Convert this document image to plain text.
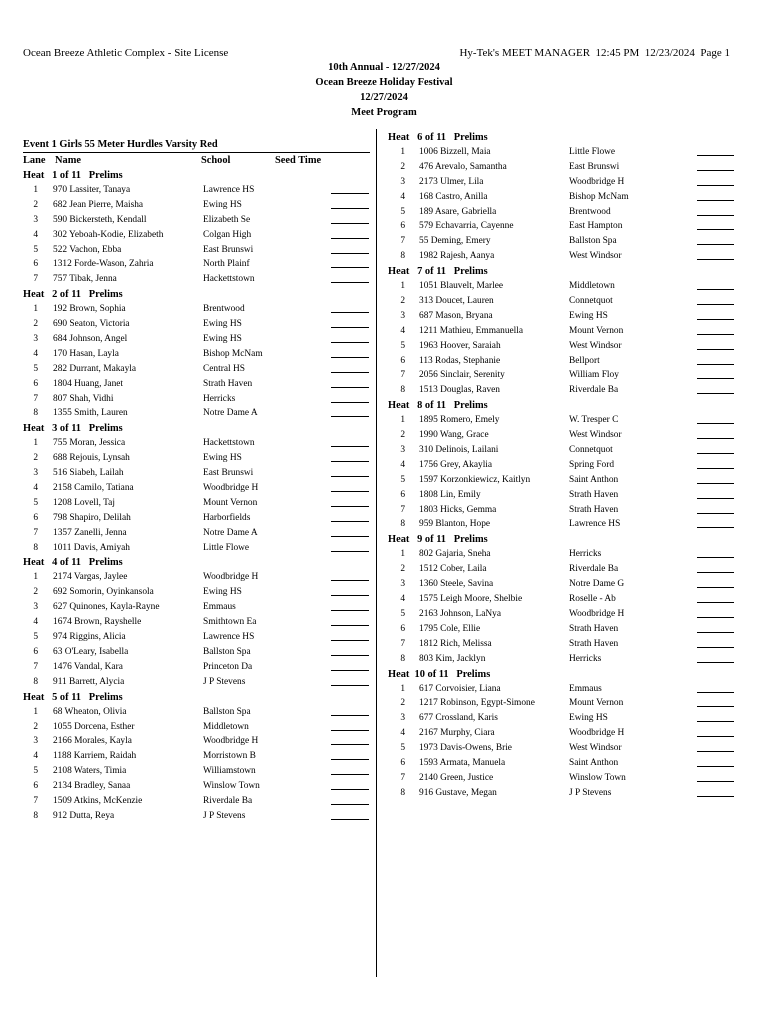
Ocean Breeze Athletic Complex - Site License	Hy-Tek's MEET MANAGER  12:45 PM  12/23/2024  Page 1
10th Annual - 12/27/2024
Ocean Breeze Holiday Festival
12/27/2024
Meet Program
Event 1 Girls 55 Meter Hurdles Varsity Red
Lane Name	School	Seed Time
Heat   1 of 11   Prelims
1 970 Lassiter, Tanaya	Lawrence HS
2 682 Jean Pierre, Maisha	Ewing HS
3 590 Bickersteth, Kendall	Elizabeth Se
4 302 Yeboah-Kodie, Elizabeth	Colgan High
5 522 Vachon, Ebba	East Brunswi
6 1312 Forde-Wason, Zahria	North Plainf
7 757 Tibak, Jenna	Hackettstown
Heat   2 of 11   Prelims
1 192 Brown, Sophia	Brentwood
2 690 Seaton, Victoria	Ewing HS
3 684 Johnson, Angel	Ewing HS
4 170 Hasan, Layla	Bishop McNam
5 282 Durrant, Makayla	Central HS
6 1804 Huang, Janet	Strath Haven
7 807 Shah, Vidhi	Herricks
8 1355 Smith, Lauren	Notre Dame A
Heat   3 of 11   Prelims
1 755 Moran, Jessica	Hackettstown
2 688 Rejouis, Lynsah	Ewing HS
3 516 Siabeh, Lailah	East Brunswi
4 2158 Camilo, Tatiana	Woodbridge H
5 1208 Lovell, Taj	Mount Vernon
6 798 Shapiro, Delilah	Harborfields
7 1357 Zanelli, Jenna	Notre Dame A
8 1011 Davis, Amiyah	Little Flowe
Heat   4 of 11   Prelims
1 2174 Vargas, Jaylee	Woodbridge H
2 692 Somorin, Oyinkansola	Ewing HS
3 627 Quinones, Kayla-Rayne	Emmaus
4 1674 Brown, Rayshelle	Smithtown Ea
5 974 Riggins, Alicia	Lawrence HS
6 63 O'Leary, Isabella	Ballston Spa
7 1476 Vandal, Kara	Princeton Da
8 911 Barrett, Alycia	J P Stevens
Heat   5 of 11   Prelims
1 68 Wheaton, Olivia	Ballston Spa
2 1055 Dorcena, Esther	Middletown
3 2166 Morales, Kayla	Woodbridge H
4 1188 Karriem, Raidah	Morristown B
5 2108 Waters, Timia	Williamstown
6 2134 Bradley, Sanaa	Winslow Town
7 1509 Atkins, McKenzie	Riverdale Ba
8 912 Dutta, Reya	J P Stevens
Heat   6 of 11   Prelims
1 1006 Bizzell, Maia	Little Flowe
2 476 Arevalo, Samantha	East Brunswi
3 2173 Ulmer, Lila	Woodbridge H
4 168 Castro, Anilla	Bishop McNam
5 189 Asare, Gabriella	Brentwood
6 579 Echavarria, Cayenne	East Hampton
7 55 Deming, Emery	Ballston Spa
8 1982 Rajesh, Aanya	West Windsor
Heat   7 of 11   Prelims
1 1051 Blauvelt, Marlee	Middletown
2 313 Doucet, Lauren	Connetquot
3 687 Mason, Bryana	Ewing HS
4 1211 Mathieu, Emmanuella	Mount Vernon
5 1963 Hoover, Saraiah	West Windsor
6 113 Rodas, Stephanie	Bellport
7 2056 Sinclair, Serenity	William Floy
8 1513 Douglas, Raven	Riverdale Ba
Heat   8 of 11   Prelims
1 1895 Romero, Emely	W. Tresper C
2 1990 Wang, Grace	West Windsor
3 310 Delinois, Lailani	Connetquot
4 1756 Grey, Akaylia	Spring Ford
5 1597 Korzonkiewicz, Kaitlyn	Saint Anthon
6 1808 Lin, Emily	Strath Haven
7 1803 Hicks, Gemma	Strath Haven
8 959 Blanton, Hope	Lawrence HS
Heat   9 of 11   Prelims
1 802 Gajaria, Sneha	Herricks
2 1512 Cober, Laila	Riverdale Ba
3 1360 Steele, Savina	Notre Dame G
4 1575 Leigh Moore, Shelbie	Roselle - Ab
5 2163 Johnson, LaNya	Woodbridge H
6 1795 Cole, Ellie	Strath Haven
7 1812 Rich, Melissa	Strath Haven
8 803 Kim, Jacklyn	Herricks
Heat  10 of 11   Prelims
1 617 Corvoisier, Liana	Emmaus
2 1217 Robinson, Egypt-Simone	Mount Vernon
3 677 Crossland, Karis	Ewing HS
4 2167 Murphy, Ciara	Woodbridge H
5 1973 Davis-Owens, Brie	West Windsor
6 1593 Armata, Manuela	Saint Anthon
7 2140 Green, Justice	Winslow Town
8 916 Gustave, Megan	J P Stevens
